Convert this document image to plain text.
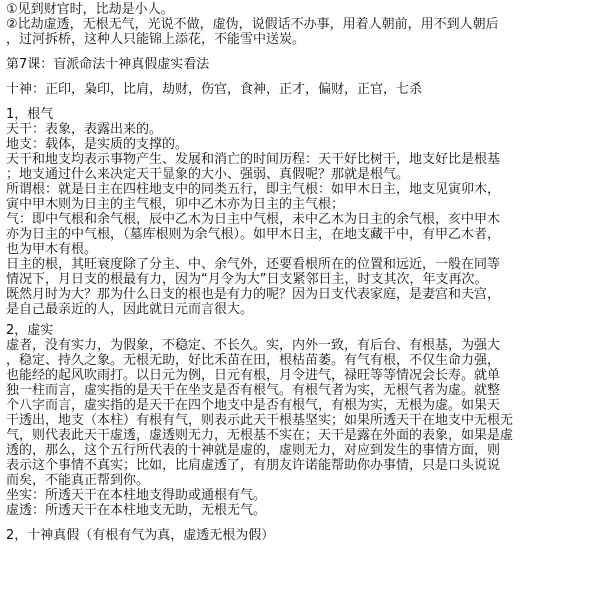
①见到财官时，比劫是小人。
②比劫虚透，无根无气，光说不做，虚伪，说假话不办事，用着人朝前，用不到人朝后
，过河拆桥，这种人只能锦上添花，不能雪中送炭。
第7课：盲派命法十神真假虚实看法
十神：正印，枭印，比肩，劫财，伤官，食神，正才，偏财，正官，七杀
1，根气
天干：表象，表露出来的。
地支：载体，是实质的支撑的。
天干和地支均表示事物产生、发展和消亡的时间历程：天干好比树干，地支好比是根基
；地支通过什么来决定天干显象的大小、强弱、真假呢？那就是根气。
所谓根：就是日主在四柱地支中的同类五行，即主气根：如甲木日主，地支见寅卯木，
寅中甲木则为日主的主气根，卯中乙木亦为日主的主气根；
气：即中气根和余气根，辰中乙木为日主中气根，未中乙木为日主的余气根，亥中甲木
亦为日主的中气根，（墓库根则为余气根）。如甲木日主，在地支藏干中，有甲乙木者，
也为甲木有根。
日主的根，其旺衰度除了分主、中、余气外，还要看根所在的位置和远近，一般在同等
情况下，月日支的根最有力，因为“月令为大”日支紧邻日主，时支其次，年支再次。
既然月时为大？那为什么日支的根也是有力的呢？因为日支代表家庭，是妻宫和夫宫，
是自己最亲近的人，因此就日元而言很大。
2，虚实
虚者，没有实力，为假象，不稳定、不长久。实，内外一致，有后台、有根基，为强大
，稳定、持久之象。无根无助，好比禾苗在田，根枯苗萎。有气有根，不仅生命力强，
也能经的起风吹雨打。以日元为例，日元有根，月令进气，禄旺等等情况会长寿。就单
独一柱而言，虚实指的是天干在坐支是否有根气。有根气者为实，无根气者为虚。就整
个八字而言，虚实指的是天干在四个地支中是否有根气，有根为实，无根为虚。如果天
干透出，地支（本柱）有根有气，则表示此天干根基坚实；如果所透天干在地支中无根无
气，则代表此天干虚透，虚透则无力，无根基不实在；天干是露在外面的表象，如果是虚
透的，那么，这个五行所代表的十神就是虚的，虚则无力，对应到发生的事情方面，则
表示这个事情不真实；比如，比肩虚透了，有朋友许诺能帮助你办事情，只是口头说说
而矣，不能真正帮到你。
坐实：所透天干在本柱地支得助或通根有气。
虚透：所透天干在本柱地支无助，无根无气。
2，十神真假（有根有气为真，虚透无根为假）
